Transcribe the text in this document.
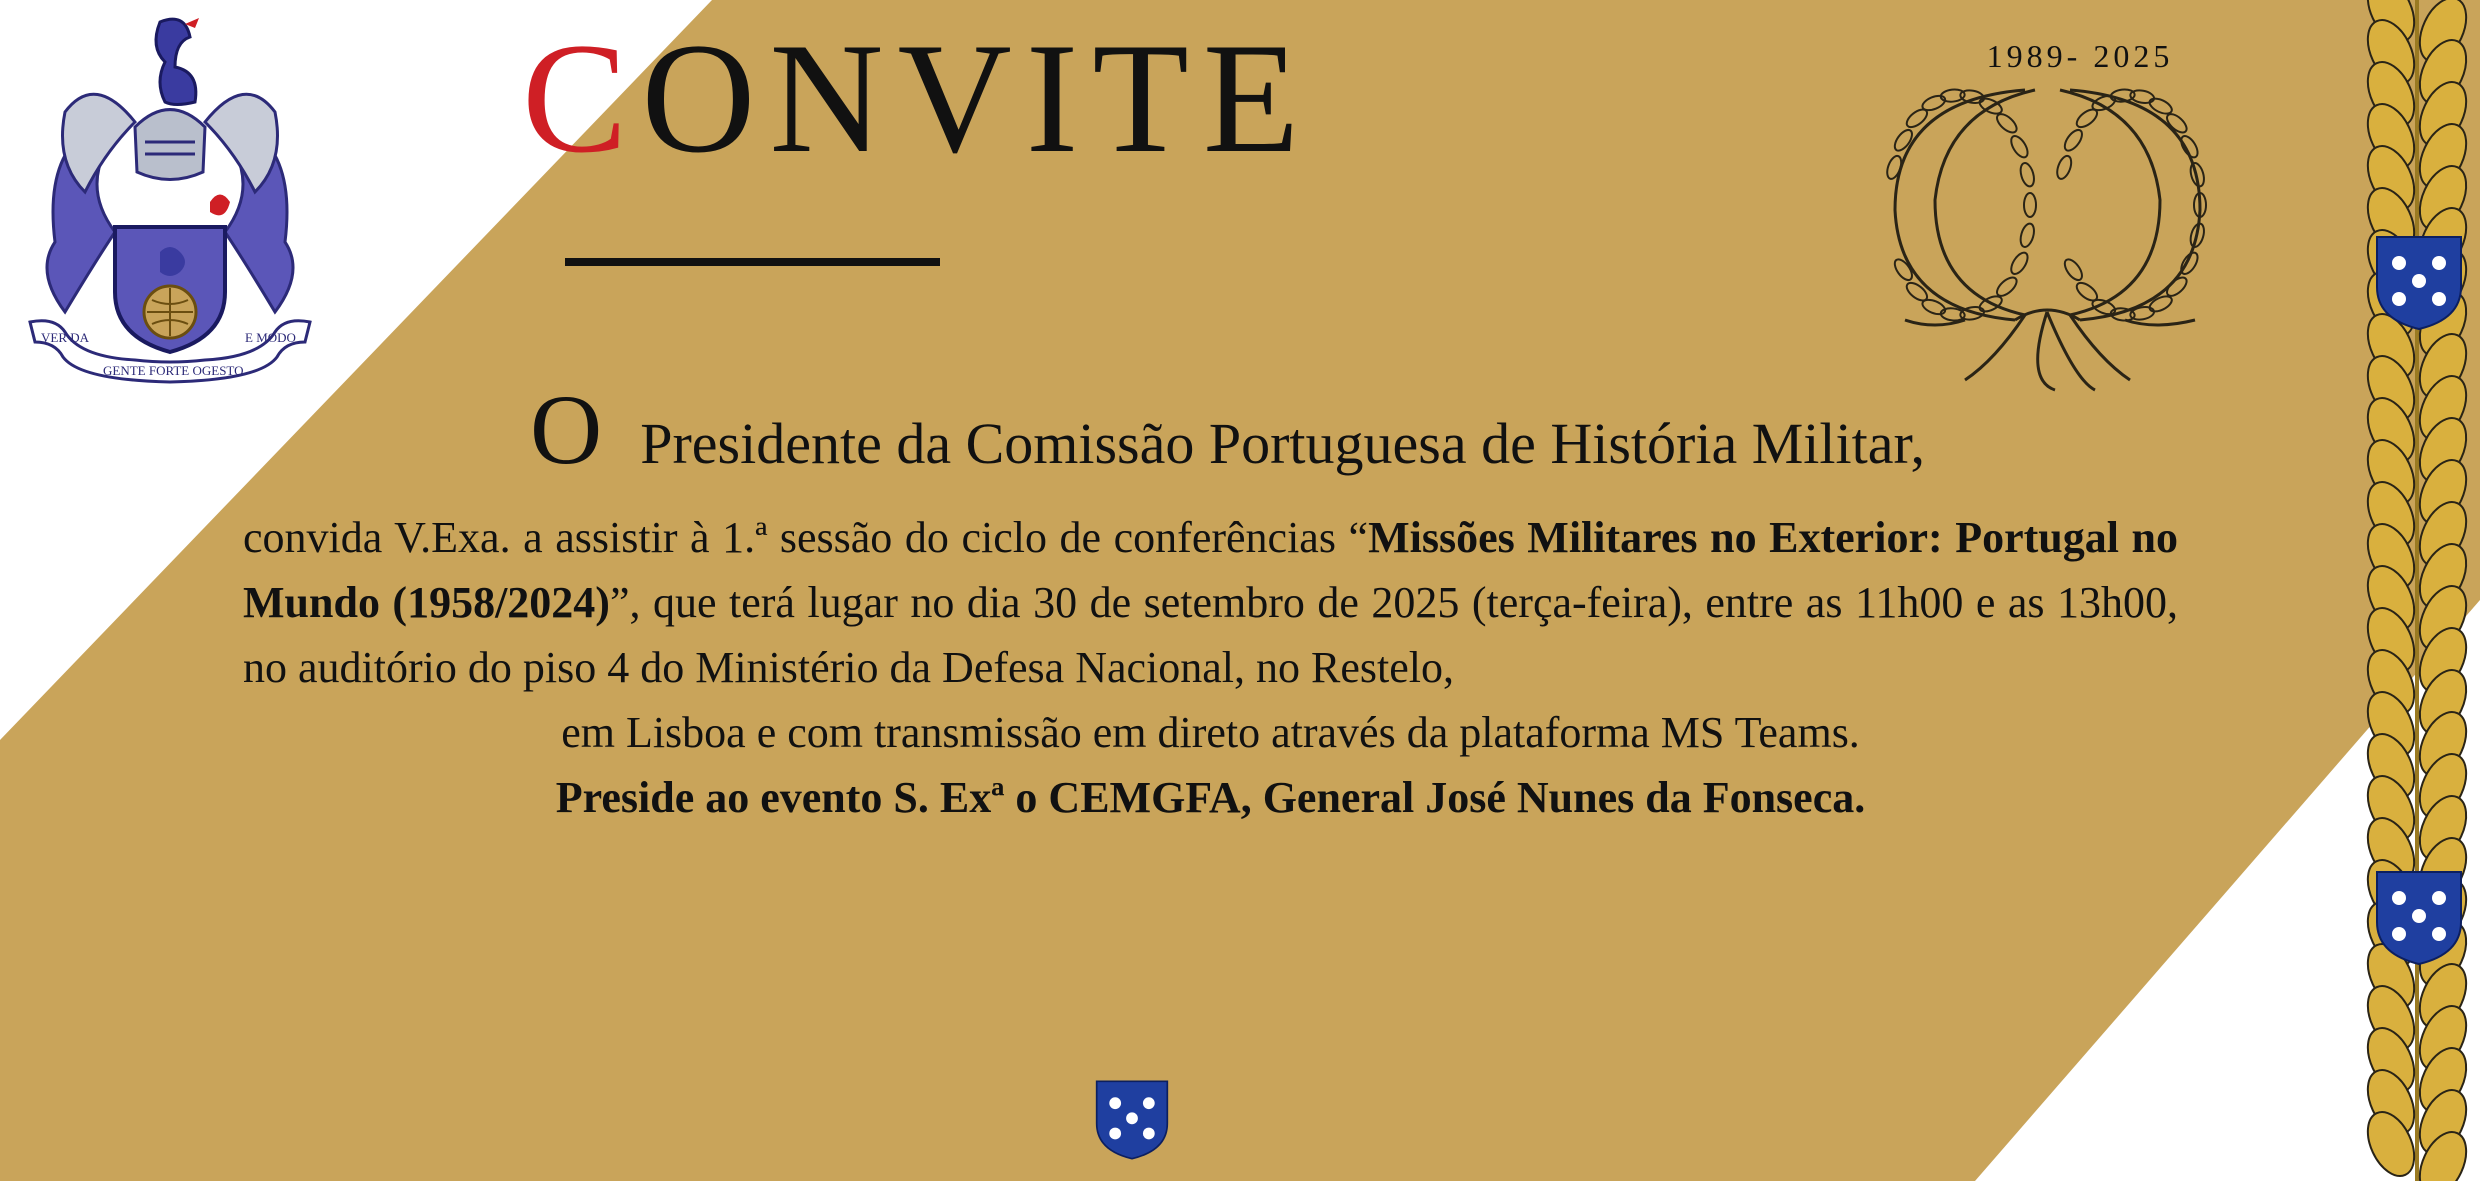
VER DA	E MODO
GENTE FORTE OGESTO
CONVITE	1989- 2025
O Presidente da Comissão Portuguesa de História Militar,
convida V.Exa. a assistir à 1.ª sessão do ciclo de conferências “Missões Militares no Exterior: Portugal no Mundo (1958/2024)”, que terá lugar no dia 30 de setembro de 2025 (terça-feira), entre as 11h00 e as 13h00, no auditório do piso 4 do Ministério da Defesa Nacional, no Restelo,
em Lisboa e com transmissão em direto através da plataforma MS Teams.
Preside ao evento S. Exª o CEMGFA, General José Nunes da Fonseca.
